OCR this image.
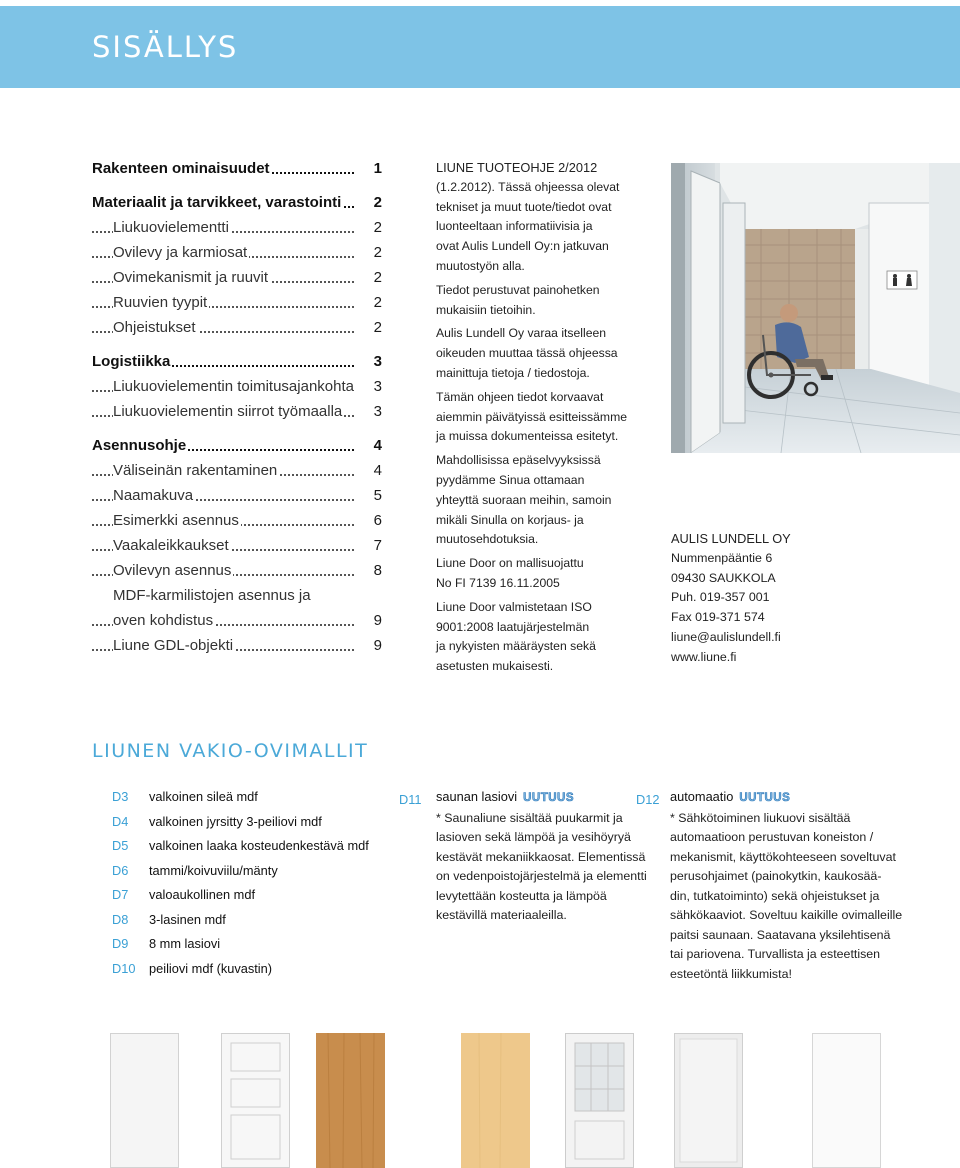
SISÄLLYS
Rakenteen ominaisuudet	1
Materiaalit ja tarvikkeet, varastointi	2
Liukuovielementti	2
Ovilevy ja karmiosat	2
Ovimekanismit ja ruuvit	2
Ruuvien tyypit	2
Ohjeistukset	2
Logistiikka	3
Liukuovielementin toimitusajankohta	3
Liukuovielementin siirrot työmaalla	3
Asennusohje	4
Väliseinän rakentaminen	4
Naamakuva	5
Esimerkki asennus	6
Vaakaleikkaukset	7
Ovilevyn asennus	8
MDF-karmilistojen asennus ja
oven kohdistus	9
Liune GDL-objekti	9

LIUNE TUOTEOHJE 2/2012
(1.2.2012). Tässä ohjeessa olevat
tekniset ja muut tuote/tiedot ovat
luonteeltaan informatiivisia ja
ovat Aulis Lundell Oy:n jatkuvan
muutostyön alla.

Tiedot perustuvat painohetken
mukaisiin tietoihin.

Aulis Lundell Oy varaa itselleen
oikeuden muuttaa tässä ohjeessa
mainittuja tietoja / tiedostoja.

Tämän ohjeen tiedot korvaavat
aiemmin päivätyissä esitteissämme
ja muissa dokumenteissa esitetyt.

Mahdollisissa epäselvyyksissä
pyydämme Sinua ottamaan
yhteyttä suoraan meihin, samoin
mikäli Sinulla on korjaus- ja
muutosehdotuksia.

Liune Door on mallisuojattu
No FI 7139 16.11.2005

Liune Door valmistetaan ISO
9001:2008 laatujärjestelmän
ja nykyisten määräysten sekä
asetusten mukaisesti.

AULIS LUNDELL OY
Nummenpääntie 6
09430 SAUKKOLA
Puh. 019-357 001
Fax 019-371 574
liune@aulislundell.fi
www.liune.fi
LIUNEN VAKIO-OVIMALLIT
D3 valkoinen sileä mdf
D4 valkoinen jyrsitty 3-peiliovi mdf
D5 valkoinen laaka kosteudenkestävä mdf
D6 tammi/koivuviilu/mänty
D7 valoaukollinen mdf
D8 3-lasinen mdf
D9 8 mm lasiovi
D10 peiliovi mdf (kuvastin)
D11 saunan lasiovi UUTUUS
* Saunaliune sisältää puukarmit ja
lasioven sekä lämpöä ja vesihöyryä
kestävät mekaniikkaosat. Elementissä
on vedenpoistojärjestelmä ja elementti
levytettään kosteutta ja lämpöä
kestävillä materiaaleilla.
D12 automaatio UUTUUS
* Sähkötoiminen liukuovi sisältää
automaatioon perustuvan koneiston /
mekanismit, käyttökohteeseen soveltuvat
perusohjaimet (painokytkin, kaukosää-
din, tutkatoiminto) sekä ohjeistukset ja
sähkökaaviot. Soveltuu kaikille ovimalleille
paitsi saunaan. Saatavana yksilehtisenä
tai pariovena. Turvallista ja esteettisen
esteetöntä liikkumista!
